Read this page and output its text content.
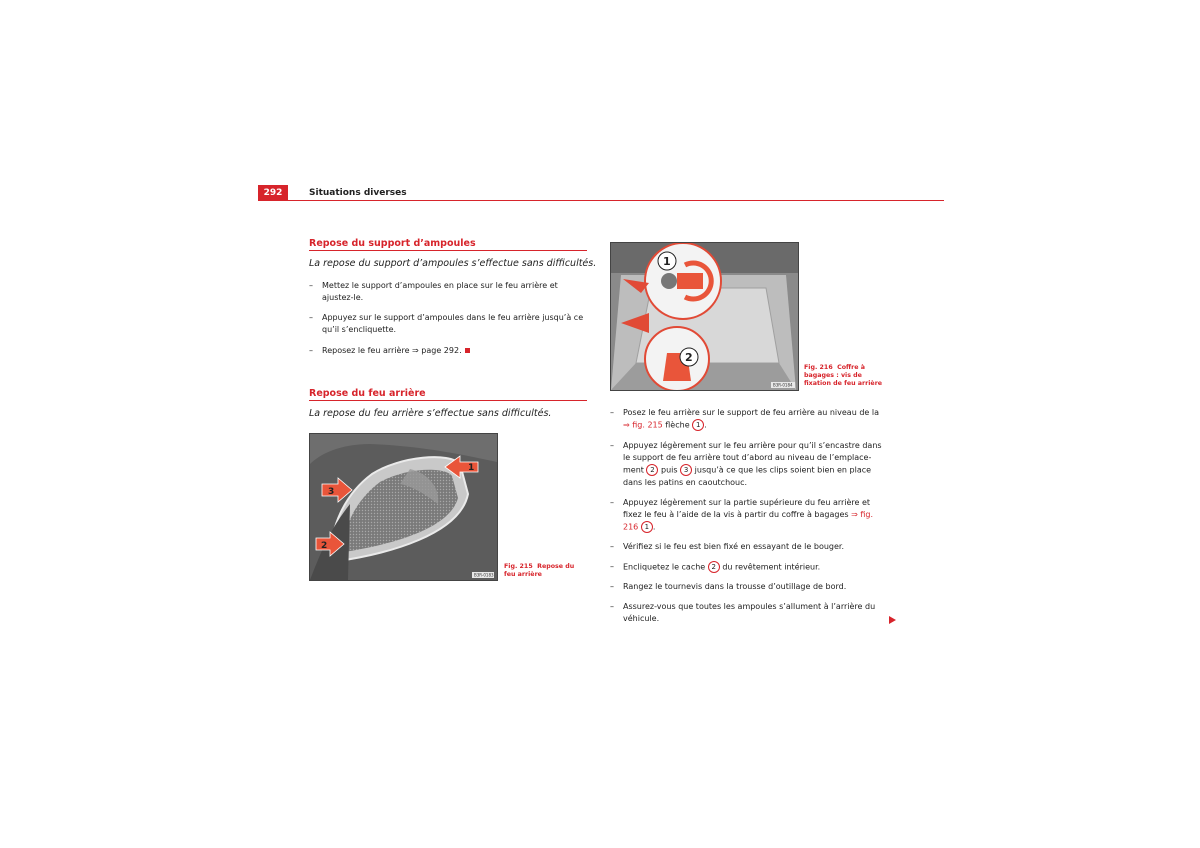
292	Situations diverses
Repose du support d’ampoules
La repose du support d’ampoules s’effectue sans difficultés.
– Mettez le support d’ampoules en place sur le feu arrière et ajustez-le.
– Appuyez sur le support d’ampoules dans le feu arrière jusqu’à ce qu’il s’encliquette.
– Reposez le feu arrière ⇒ page 292.
Repose du feu arrière
La repose du feu arrière s’effectue sans difficultés.
1
3
2
B3R-0183
Fig. 215 Repose du feu arrière
1
2
B3R-0184
Fig. 216 Coffre à bagages : vis de fixation de feu arrière
– Posez le feu arrière sur le support de feu arrière au niveau de la ⇒ fig. 215 flèche 1 .
– Appuyez légèrement sur le feu arrière pour qu’il s’encastre dans le support de feu arrière tout d’abord au niveau de l’emplace-ment 2 puis 3 jusqu’à ce que les clips soient bien en place dans les patins en caoutchouc.
– Appuyez légèrement sur la partie supérieure du feu arrière et fixez le feu à l’aide de la vis à partir du coffre à bagages ⇒ fig. 216 1 .
– Vérifiez si le feu est bien fixé en essayant de le bouger.
– Encliquetez le cache 2 du revêtement intérieur.
– Rangez le tournevis dans la trousse d’outillage de bord.
– Assurez-vous que toutes les ampoules s’allument à l’arrière du véhicule.
